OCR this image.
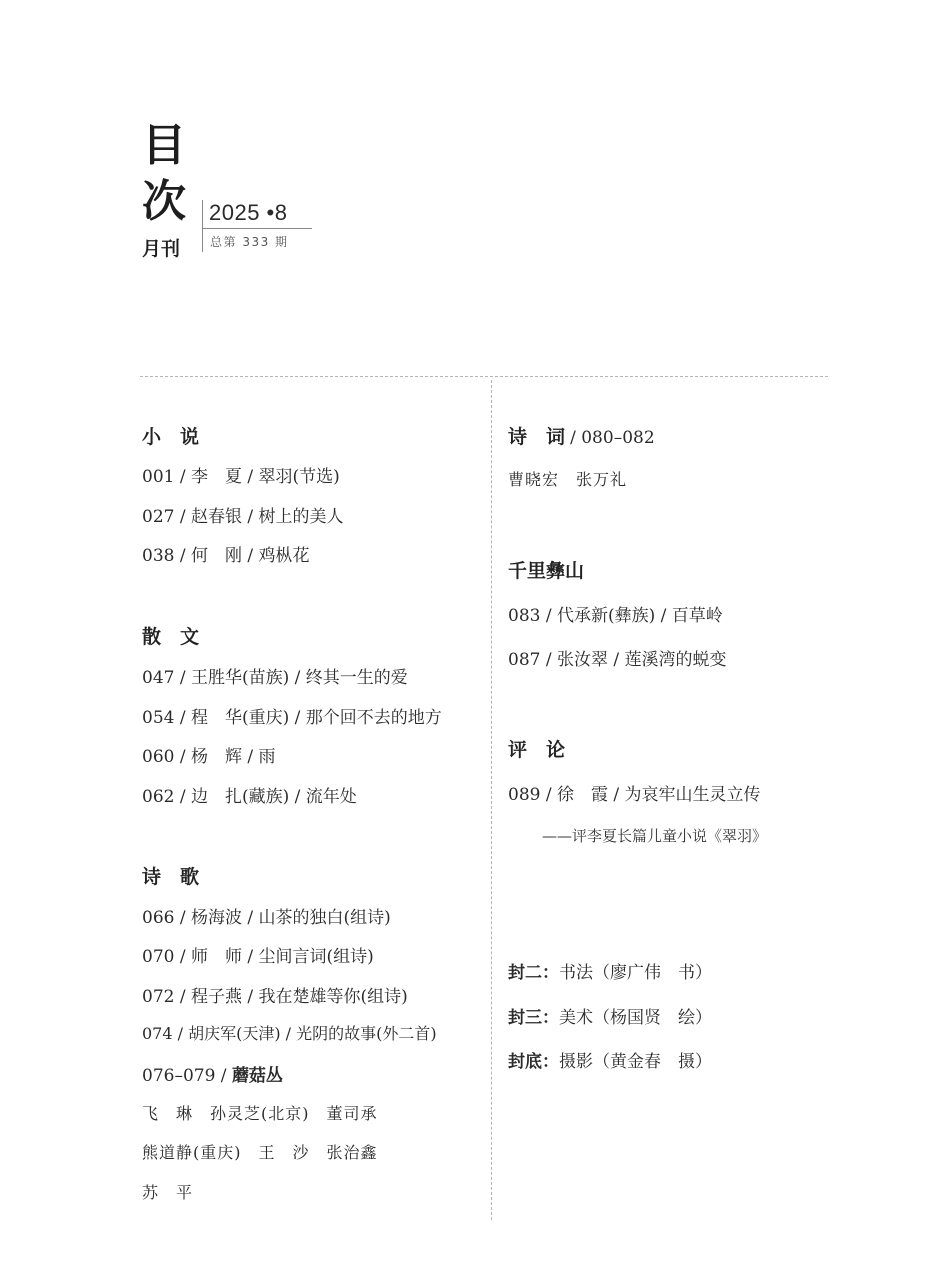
目
次
月刊
2025 •8
总第 333 期
小　说
001 / 李　夏 / 翠羽(节选)
027 / 赵春银 / 树上的美人
038 / 何　刚 / 鸡枞花
散　文
047 / 王胜华(苗族) / 终其一生的爱
054 / 程　华(重庆) / 那个回不去的地方
060 / 杨　辉 / 雨
062 / 边　扎(藏族) / 流年处
诗　歌
066 / 杨海波 / 山茶的独白(组诗)
070 / 师　师 / 尘间言词(组诗)
072 / 程子燕 / 我在楚雄等你(组诗)
074 / 胡庆军(天津) / 光阴的故事(外二首)
076–079 / 蘑菇丛
飞　琳　孙灵芝(北京)　董司承
熊道静(重庆)　王　沙　张治鑫
苏　平
诗　词 / 080–082
曹晓宏　张万礼
千里彝山
083 / 代承新(彝族) / 百草岭
087 / 张汝翠 / 莲溪湾的蜕变
评　论
089 / 徐　霞 / 为哀牢山生灵立传
——评李夏长篇儿童小说《翠羽》
封二：书法（廖广伟　书）
封三：美术（杨国贤　绘）
封底：摄影（黄金春　摄）
